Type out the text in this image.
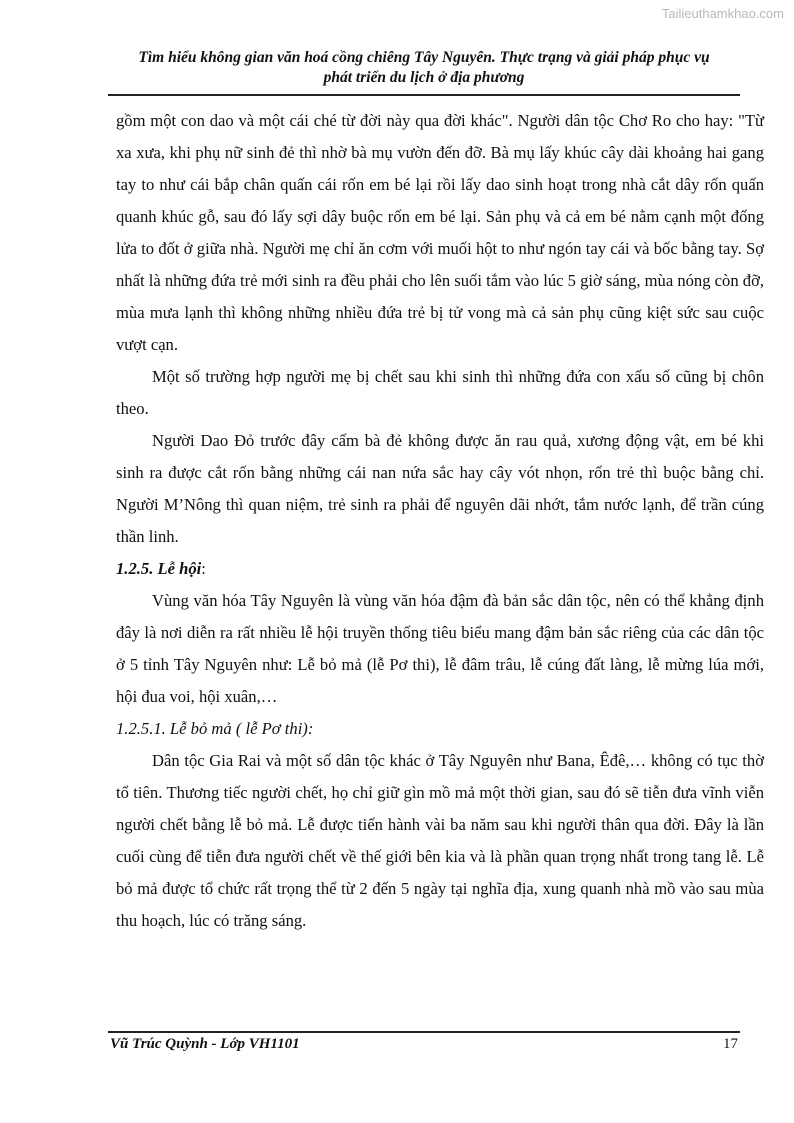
Tailieuthamkhao.com
Tìm hiểu không gian văn hoá cồng chiêng Tây Nguyên. Thực trạng và giải pháp phục vụ
phát triển du lịch ở địa phương

gồm một con dao và một cái ché từ đời này qua đời khác". Người dân tộc Chơ Ro cho hay: "Từ xa xưa, khi phụ nữ sinh đẻ thì nhờ bà mụ vườn đến đỡ. Bà mụ lấy khúc cây dài khoảng hai gang tay to như cái bắp chân quấn cái rốn em bé lại rồi lấy dao sinh hoạt trong nhà cắt dây rốn quấn quanh khúc gỗ, sau đó lấy sợi dây buộc rốn em bé lại. Sản phụ và cả em bé nằm cạnh một đống lửa to đốt ở giữa nhà. Người mẹ chỉ ăn cơm với muối hột to như ngón tay cái và bốc bằng tay. Sợ nhất là những đứa trẻ mới sinh ra đều phải cho lên suối tắm vào lúc 5 giờ sáng, mùa nóng còn đỡ, mùa mưa lạnh thì không những nhiều đứa trẻ bị tử vong mà cả sản phụ cũng kiệt sức sau cuộc vượt cạn.

Một số trường hợp người mẹ bị chết sau khi sinh thì những đứa con xấu số cũng bị chôn theo.

Người Dao Đỏ trước đây cấm bà đẻ không được ăn rau quả, xương động vật, em bé khi sinh ra được cắt rốn bằng những cái nan nứa sắc hay cây vót nhọn, rốn trẻ thì buộc bằng chỉ. Người M’Nông thì quan niệm, trẻ sinh ra phải để nguyên dãi nhớt, tắm nước lạnh, để trần cúng thần linh.

1.2.5. Lễ hội:

Vùng văn hóa Tây Nguyên là vùng văn hóa đậm đà bản sắc dân tộc, nên có thể khẳng định đây là nơi diễn ra rất nhiều lễ hội truyền thống tiêu biểu mang đậm bản sắc riêng của các dân tộc ở 5 tỉnh Tây Nguyên như: Lễ bỏ mả (lễ Pơ thi), lễ đâm trâu, lễ cúng đất làng, lễ mừng lúa mới, hội đua voi, hội xuân,…

1.2.5.1. Lễ bỏ mả ( lễ Pơ thi):

Dân tộc Gia Rai và một số dân tộc khác ở Tây Nguyên như Bana, Êđê,… không có tục thờ tổ tiên. Thương tiếc người chết, họ chỉ giữ gìn mồ mả một thời gian, sau đó sẽ tiễn đưa vĩnh viễn người chết bằng lễ bỏ mả. Lễ được tiến hành vài ba năm sau khi người thân qua đời. Đây là lần cuối cùng để tiễn đưa người chết về thế giới bên kia và là phần quan trọng nhất trong tang lễ. Lễ bỏ mả được tổ chức rất trọng thể từ 2 đến 5 ngày tại nghĩa địa, xung quanh nhà mồ vào sau mùa thu hoạch, lúc có trăng sáng.

Vũ Trúc Quỳnh - Lớp VH1101	17
